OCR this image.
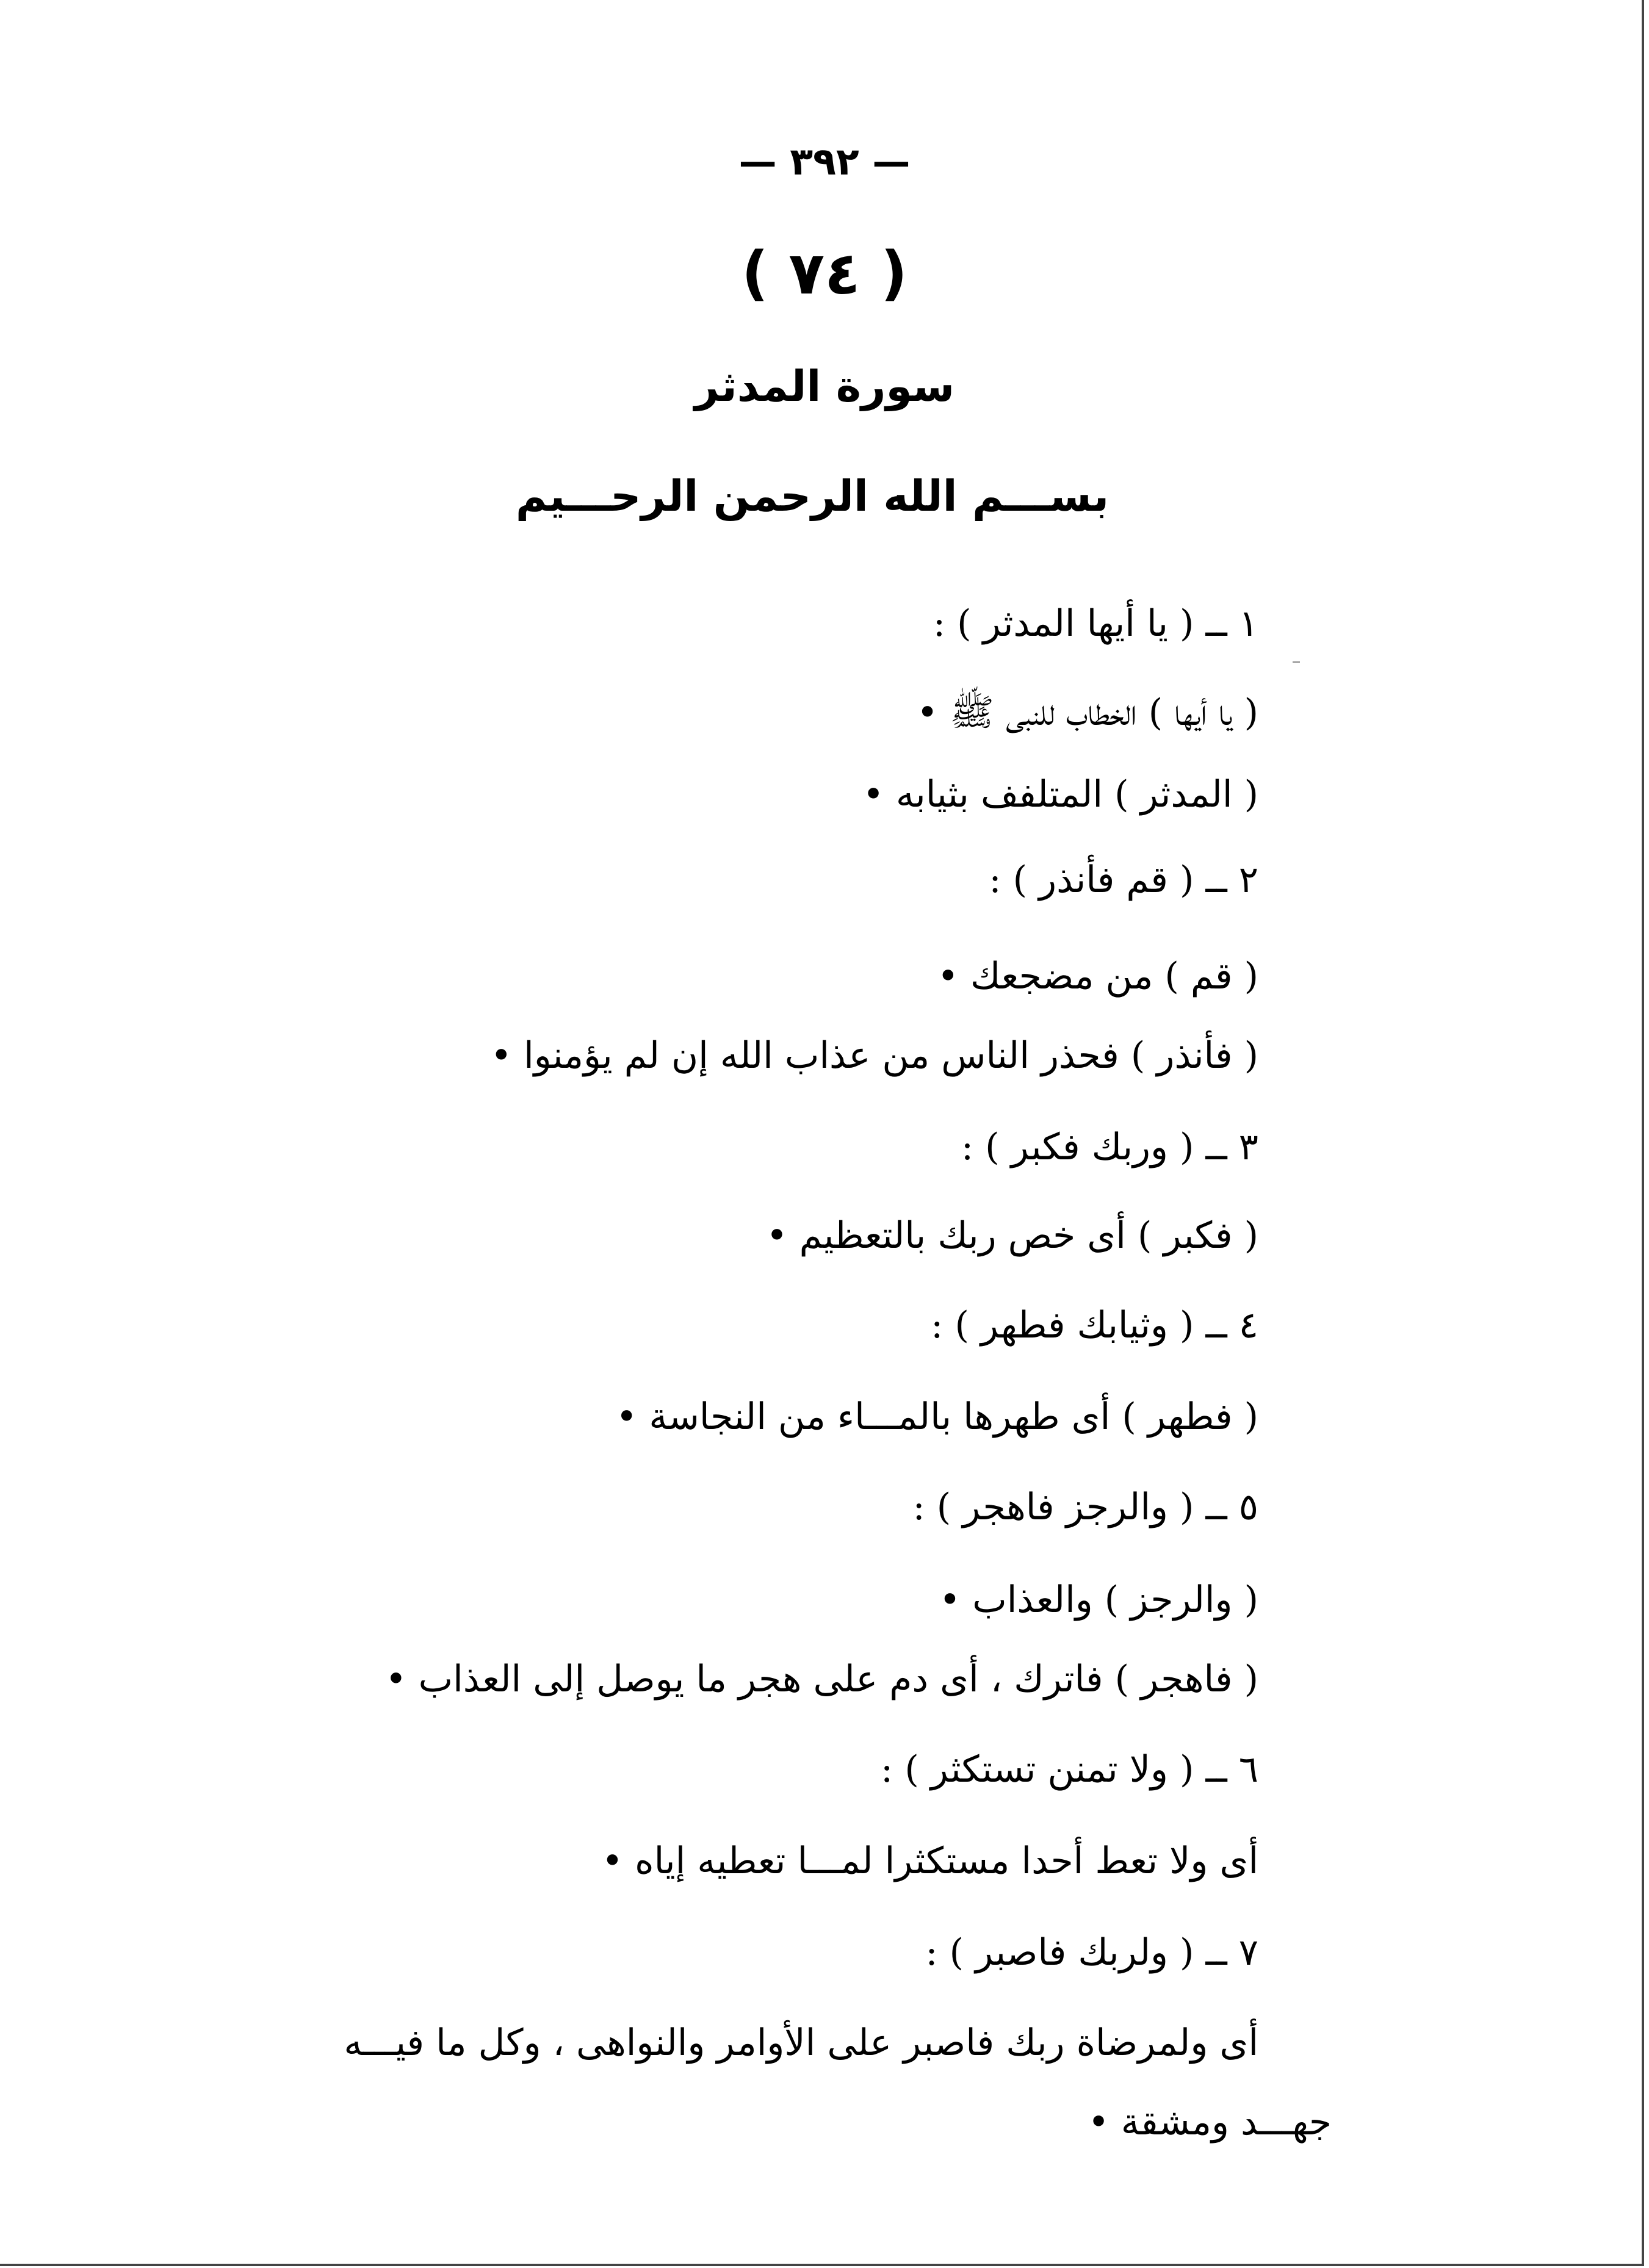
— ٣٩٢ —
( ٧٤ )
سورة المدثر
بســـم الله الرحمن الرحـــيم
١ ــ ( يا أيها المدثر ) :
( يا أيها ) الخطاب للنبى ﷺ •
( المدثر ) المتلفف بثيابه •
٢ ــ ( قم فأنذر ) :
( قم ) من مضجعك •
( فأنذر ) فحذر الناس من عذاب الله إن لم يؤمنوا •
٣ ــ ( وربك فكبر ) :
( فكبر ) أى خص ربك بالتعظيم •
٤ ــ ( وثيابك فطهر ) :
( فطهر ) أى طهرها بالمـــاء من النجاسة •
٥ ــ ( والرجز فاهجر ) :
( والرجز ) والعذاب •
( فاهجر ) فاترك ، أى دم على هجر ما يوصل إلى العذاب •
٦ ــ ( ولا تمنن تستكثر ) :
أى ولا تعط أحدا مستكثرا لمـــا تعطيه إياه •
٧ ــ ( ولربك فاصبر ) :
أى ولمرضاة ربك فاصبر على الأوامر والنواهى ، وكل ما فيـــه
جهـــد ومشقة •
